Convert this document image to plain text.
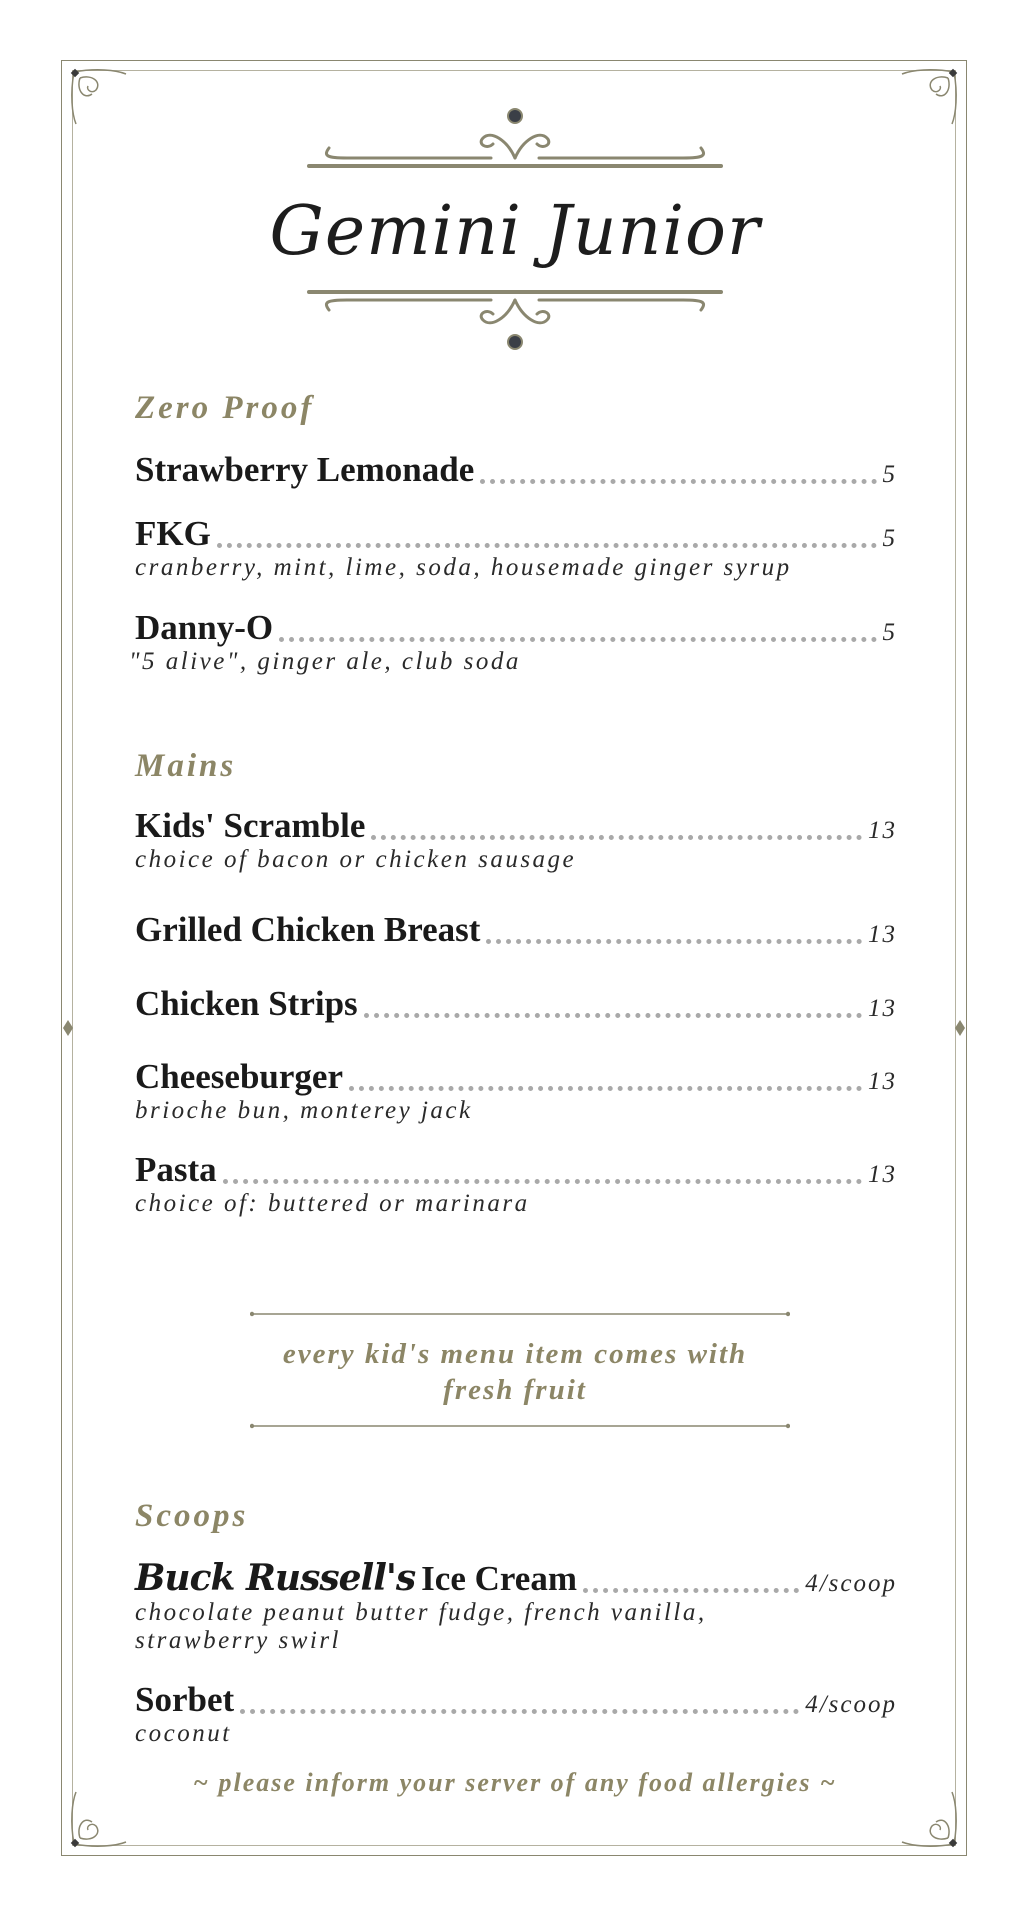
Gemini Junior
Zero Proof
Strawberry Lemonade	5
FKG	5
cranberry, mint, lime, soda, housemade ginger syrup
Danny-O	5
"5 alive", ginger ale, club soda
Mains
Kids' Scramble	13
choice of bacon or chicken sausage
Grilled Chicken Breast	13
Chicken Strips	13
Cheeseburger	13
brioche bun, monterey jack
Pasta	13
choice of: buttered or marinara
every kid's menu item comes with
fresh fruit
Scoops
Buck Russell's Ice Cream	4/scoop
chocolate peanut butter fudge, french vanilla,
strawberry swirl
Sorbet	4/scoop
coconut
~ please inform your server of any food allergies ~
